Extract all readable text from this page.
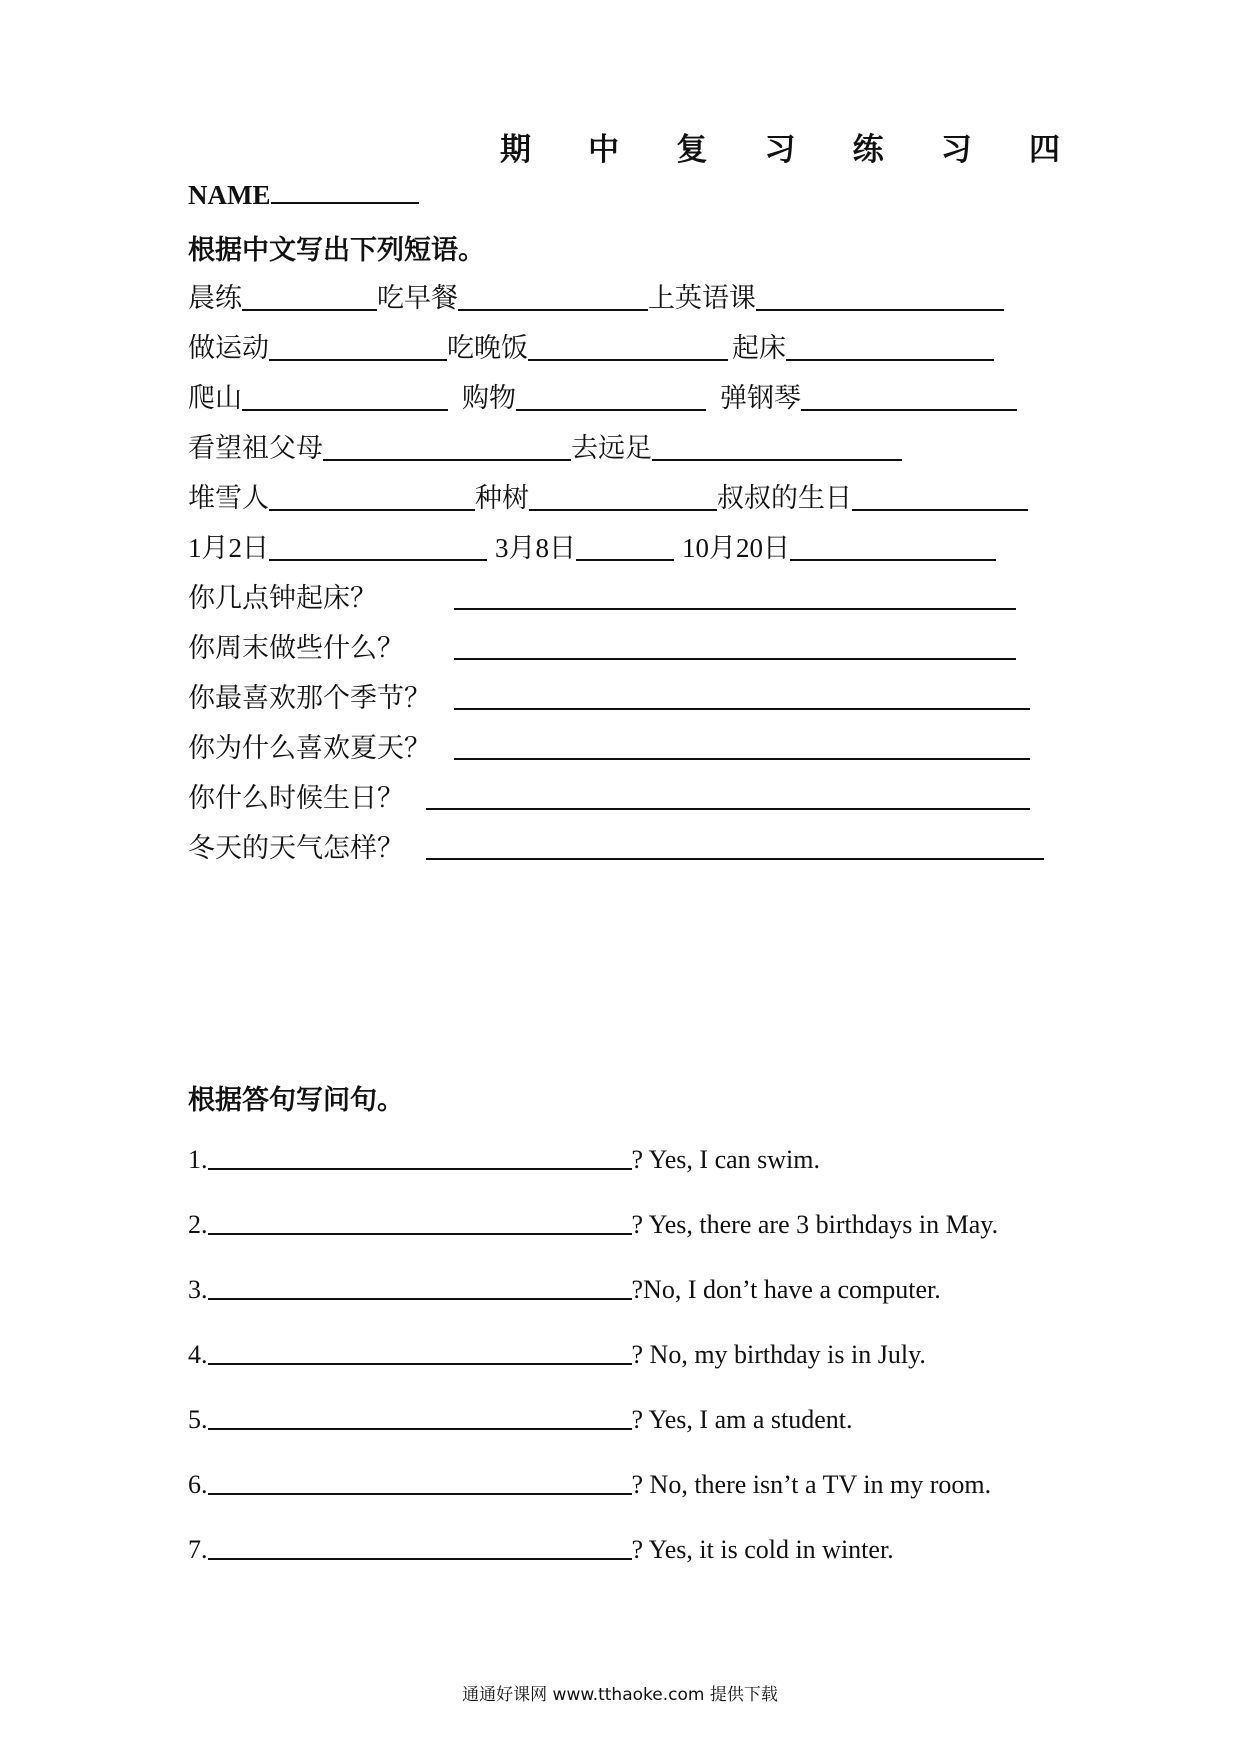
期 中 复 习 练 习 四
NAME
根据中文写出下列短语。
晨练	吃早餐	上英语课
做运动	吃晚饭	起床
爬山	购物	弹钢琴
看望祖父母	去远足
堆雪人	种树	叔叔的生日
1月2日	3月8日	10月20日
你几点钟起床？
你周末做些什么？
你最喜欢那个季节？
你为什么喜欢夏天？
你什么时候生日？
冬天的天气怎样？
根据答句写问句。
1.	? Yes, I can swim.
2.	? Yes, there are 3 birthdays in May.
3.	?No, I don’t have a computer.
4.	? No, my birthday is in July.
5.	? Yes, I am a student.
6.	? No, there isn’t a TV in my room.
7.	? Yes, it is cold in winter.
通通好课网 www.tthaoke.com 提供下载
